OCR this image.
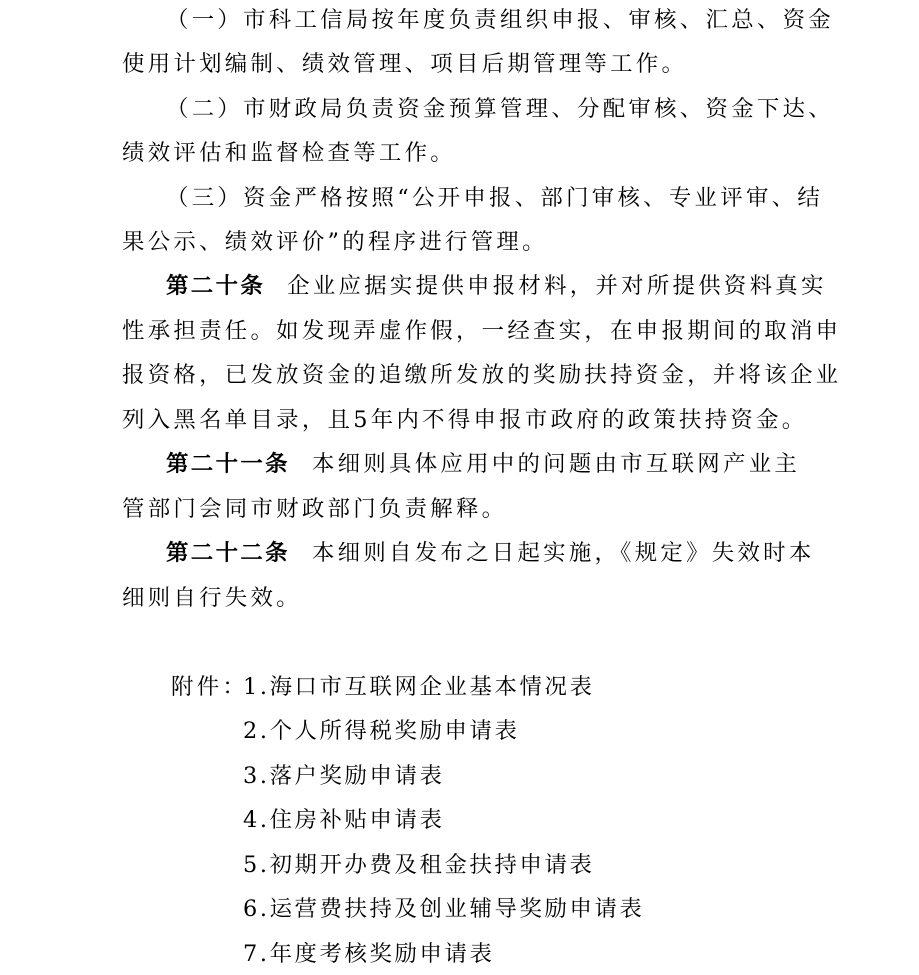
（一）市科工信局按年度负责组织申报、审核、汇总、资金
使用计划编制、绩效管理、项目后期管理等工作。
（二）市财政局负责资金预算管理、分配审核、资金下达、
绩效评估和监督检查等工作。
（三）资金严格按照“公开申报、部门审核、专业评审、结
果公示、绩效评价”的程序进行管理。
第二十条 企业应据实提供申报材料，并对所提供资料真实
性承担责任。如发现弄虚作假，一经查实，在申报期间的取消申
报资格，已发放资金的追缴所发放的奖励扶持资金，并将该企业
列入黑名单目录，且5年内不得申报市政府的政策扶持资金。
第二十一条 本细则具体应用中的问题由市互联网产业主
管部门会同市财政部门负责解释。
第二十二条 本细则自发布之日起实施，《规定》失效时本
细则自行失效。
附件：
1.海口市互联网企业基本情况表
2.个人所得税奖励申请表
3.落户奖励申请表
4.住房补贴申请表
5.初期开办费及租金扶持申请表
6.运营费扶持及创业辅导奖励申请表
7.年度考核奖励申请表
